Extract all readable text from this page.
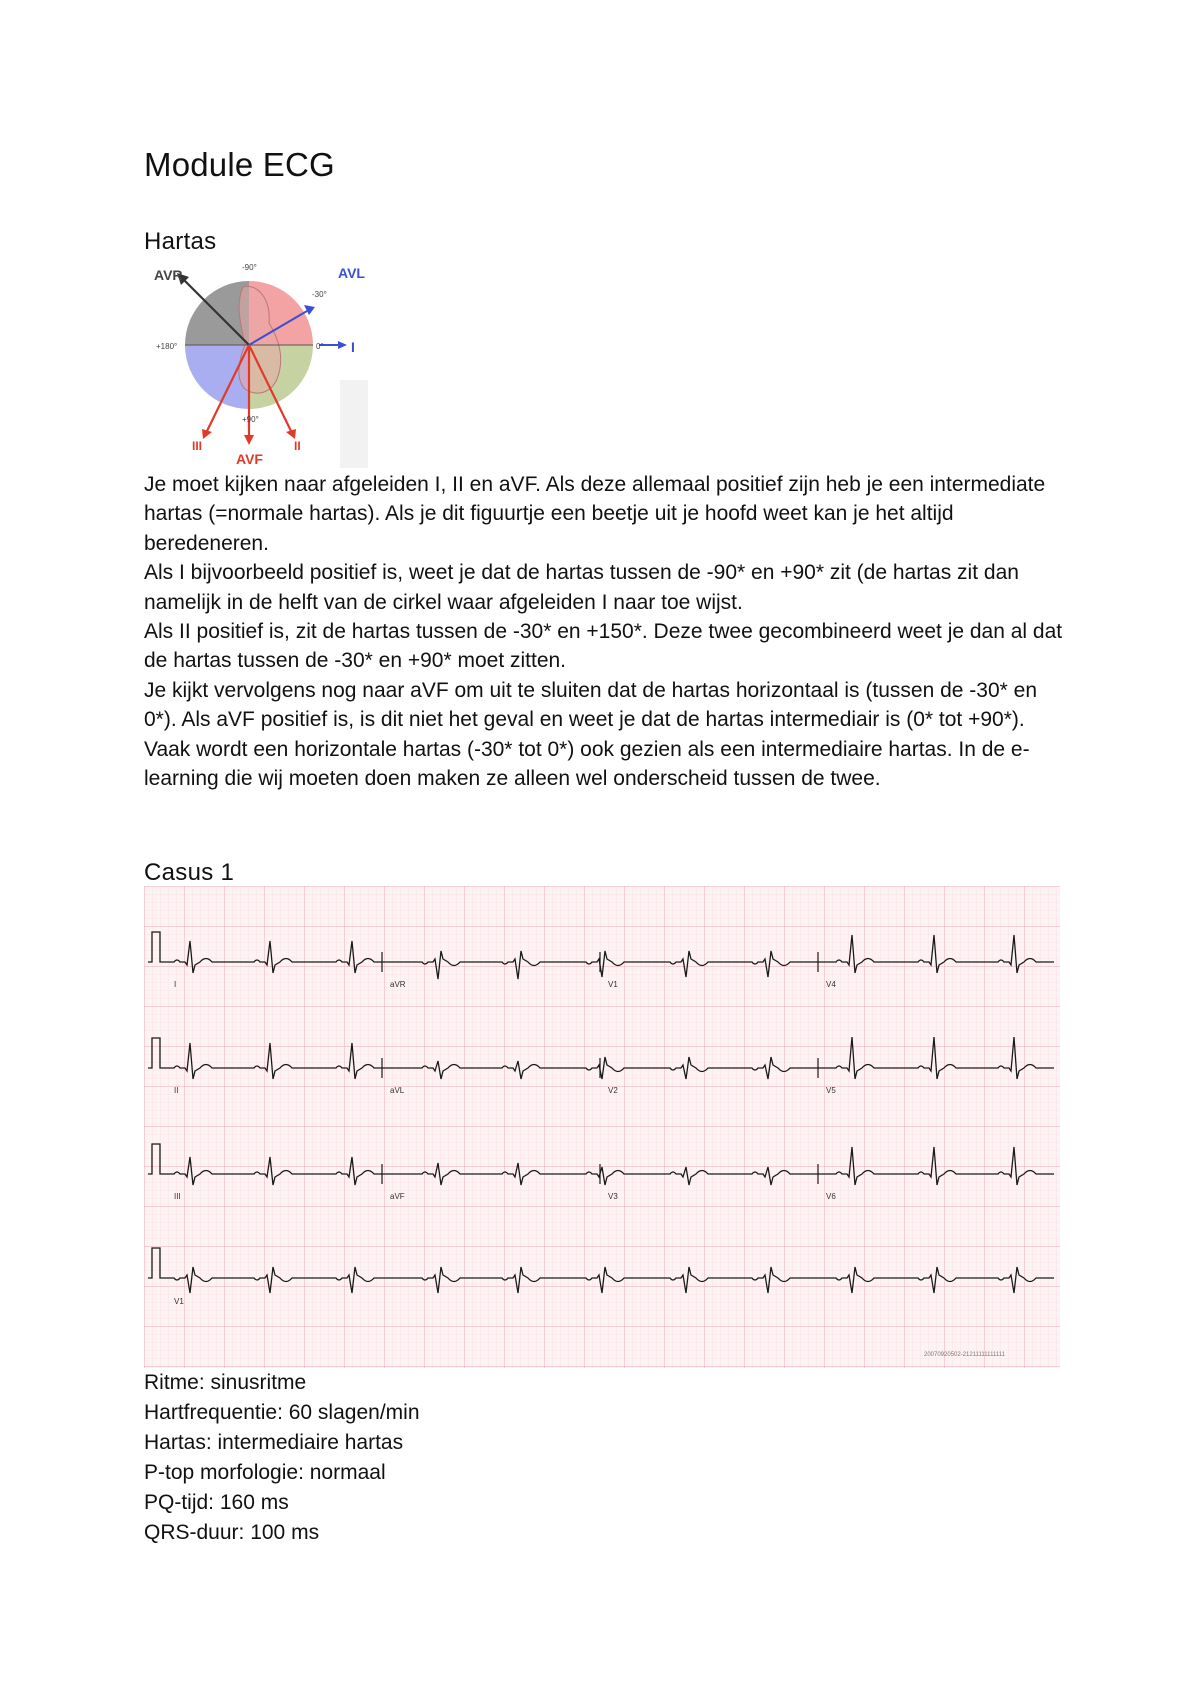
Module ECG
Hartas
AVR	AVL
-90°
-30°
0° I
+180°
+90°
III	II
AVF

Je moet kijken naar afgeleiden I, II en aVF. Als deze allemaal positief zijn heb je een intermediate hartas (=normale hartas). Als je dit figuurtje een beetje uit je hoofd weet kan je het altijd beredeneren.

Als I bijvoorbeeld positief is, weet je dat de hartas tussen de -90* en +90* zit (de hartas zit dan namelijk in de helft van de cirkel waar afgeleiden I naar toe wijst.

Als II positief is, zit de hartas tussen de -30* en +150*. Deze twee gecombineerd weet je dan al dat de hartas tussen de -30* en +90* moet zitten.

Je kijkt vervolgens nog naar aVF om uit te sluiten dat de hartas horizontaal is (tussen de -30* en 0*). Als aVF positief is, is dit niet het geval en weet je dat de hartas intermediair is (0* tot +90*).

Vaak wordt een horizontale hartas (-30* tot 0*) ook gezien als een intermediaire hartas. In de e-learning die wij moeten doen maken ze alleen wel onderscheid tussen de twee.

Casus 1
I	aVR	V1	V4
II	aVL	V2	V5
III	aVF	V3	V6
V1
20070920502-21211111111111

Ritme: sinusritme

Hartfrequentie: 60 slagen/min

Hartas: intermediaire hartas

P-top morfologie: normaal

PQ-tijd: 160 ms

QRS-duur: 100 ms
